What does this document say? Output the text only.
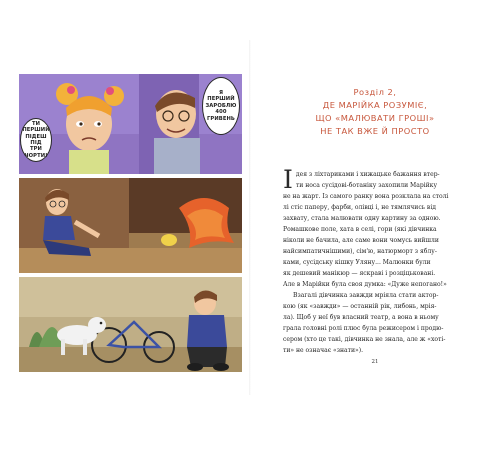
Я
ПЕРШИЙ
ЗАРОБЛЮ
400
ГРИВЕНЬ
ТИ ПЕРШИЙ
ПІДЕШ
ПІД
ТРИ ЧОРТИ!
Розділ 2,
ДЕ МАРІЙКА РОЗУМІЄ,
ЩО «МАЛЮВАТИ ГРОШІ»
НЕ ТАК ВЖЕ Й ПРОСТО
І дея з ліхтариками і хижацьке бажання втер-
ти носа сусідові-ботаніку захопили Марійку
не на жарт. Із самого ранку вона розклала на столі
лі стіс паперу, фарби, олівці і, не тямлячись від
захвату, стала малювати одну картину за одною.
Ромашкове поле, хата в селі, гори (які дівчинка
ніколи не бачила, але саме вони чомусь вийшли
найсимпатичнішими), сім'ю, натюрморт з яблу-
ками, сусідську кішку Уляну... Малюнки були
як дешевий манікюр — яскраві і розціцьковані.
Але в Марійки була своя думка: «Дуже непогано!»
Взагалі дівчинка завжди мріяла стати актор-
кою (як «завжди» — останній рік, либонь, мрія-
ла). Щоб у неї був власний театр, а вона в ньому
грала головні ролі плюс була режисером і продю-
сером (хто це такі, дівчинка не знала, але ж «хоті-
ти» не означає «знати»).
21
